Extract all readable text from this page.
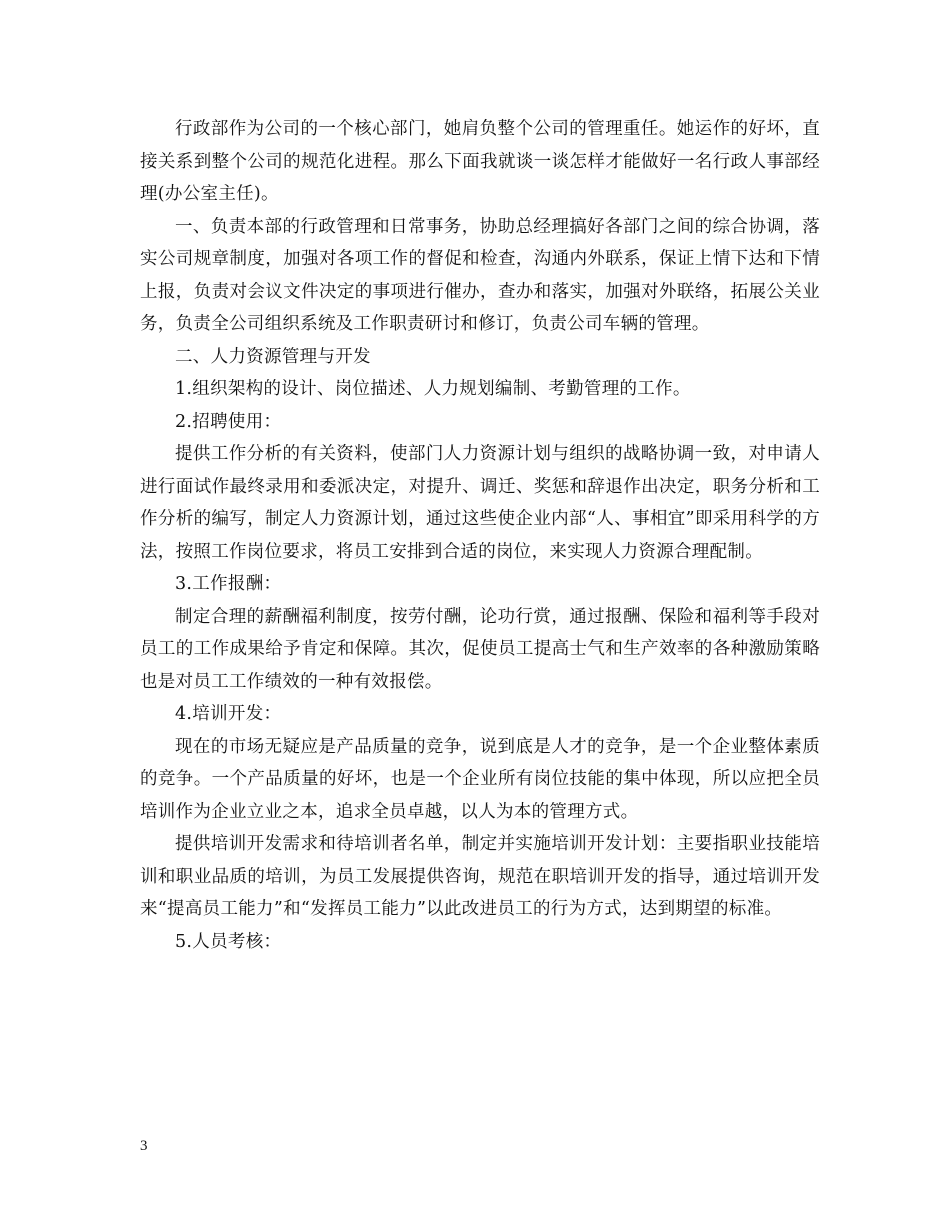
行政部作为公司的一个核心部门，她肩负整个公司的管理重任。她运作的好坏，直接关系到整个公司的规范化进程。那么下面我就谈一谈怎样才能做好一名行政人事部经理(办公室主任)。

一、负责本部的行政管理和日常事务，协助总经理搞好各部门之间的综合协调，落实公司规章制度，加强对各项工作的督促和检查，沟通内外联系，保证上情下达和下情上报，负责对会议文件决定的事项进行催办，查办和落实，加强对外联络，拓展公关业务，负责全公司组织系统及工作职责研讨和修订，负责公司车辆的管理。

二、人力资源管理与开发

1.组织架构的设计、岗位描述、人力规划编制、考勤管理的工作。

2.招聘使用：

提供工作分析的有关资料，使部门人力资源计划与组织的战略协调一致，对申请人进行面试作最终录用和委派决定，对提升、调迁、奖惩和辞退作出决定，职务分析和工作分析的编写，制定人力资源计划，通过这些使企业内部“人、事相宜”即采用科学的方法，按照工作岗位要求，将员工安排到合适的岗位，来实现人力资源合理配制。

3.工作报酬：

制定合理的薪酬福利制度，按劳付酬，论功行赏，通过报酬、保险和福利等手段对员工的工作成果给予肯定和保障。其次，促使员工提高士气和生产效率的各种激励策略也是对员工工作绩效的一种有效报偿。

4.培训开发：

现在的市场无疑应是产品质量的竞争，说到底是人才的竞争，是一个企业整体素质的竞争。一个产品质量的好坏，也是一个企业所有岗位技能的集中体现，所以应把全员培训作为企业立业之本，追求全员卓越，以人为本的管理方式。

提供培训开发需求和待培训者名单，制定并实施培训开发计划：主要指职业技能培训和职业品质的培训，为员工发展提供咨询，规范在职培训开发的指导，通过培训开发来“提高员工能力”和“发挥员工能力”以此改进员工的行为方式，达到期望的标准。

5.人员考核：

3
